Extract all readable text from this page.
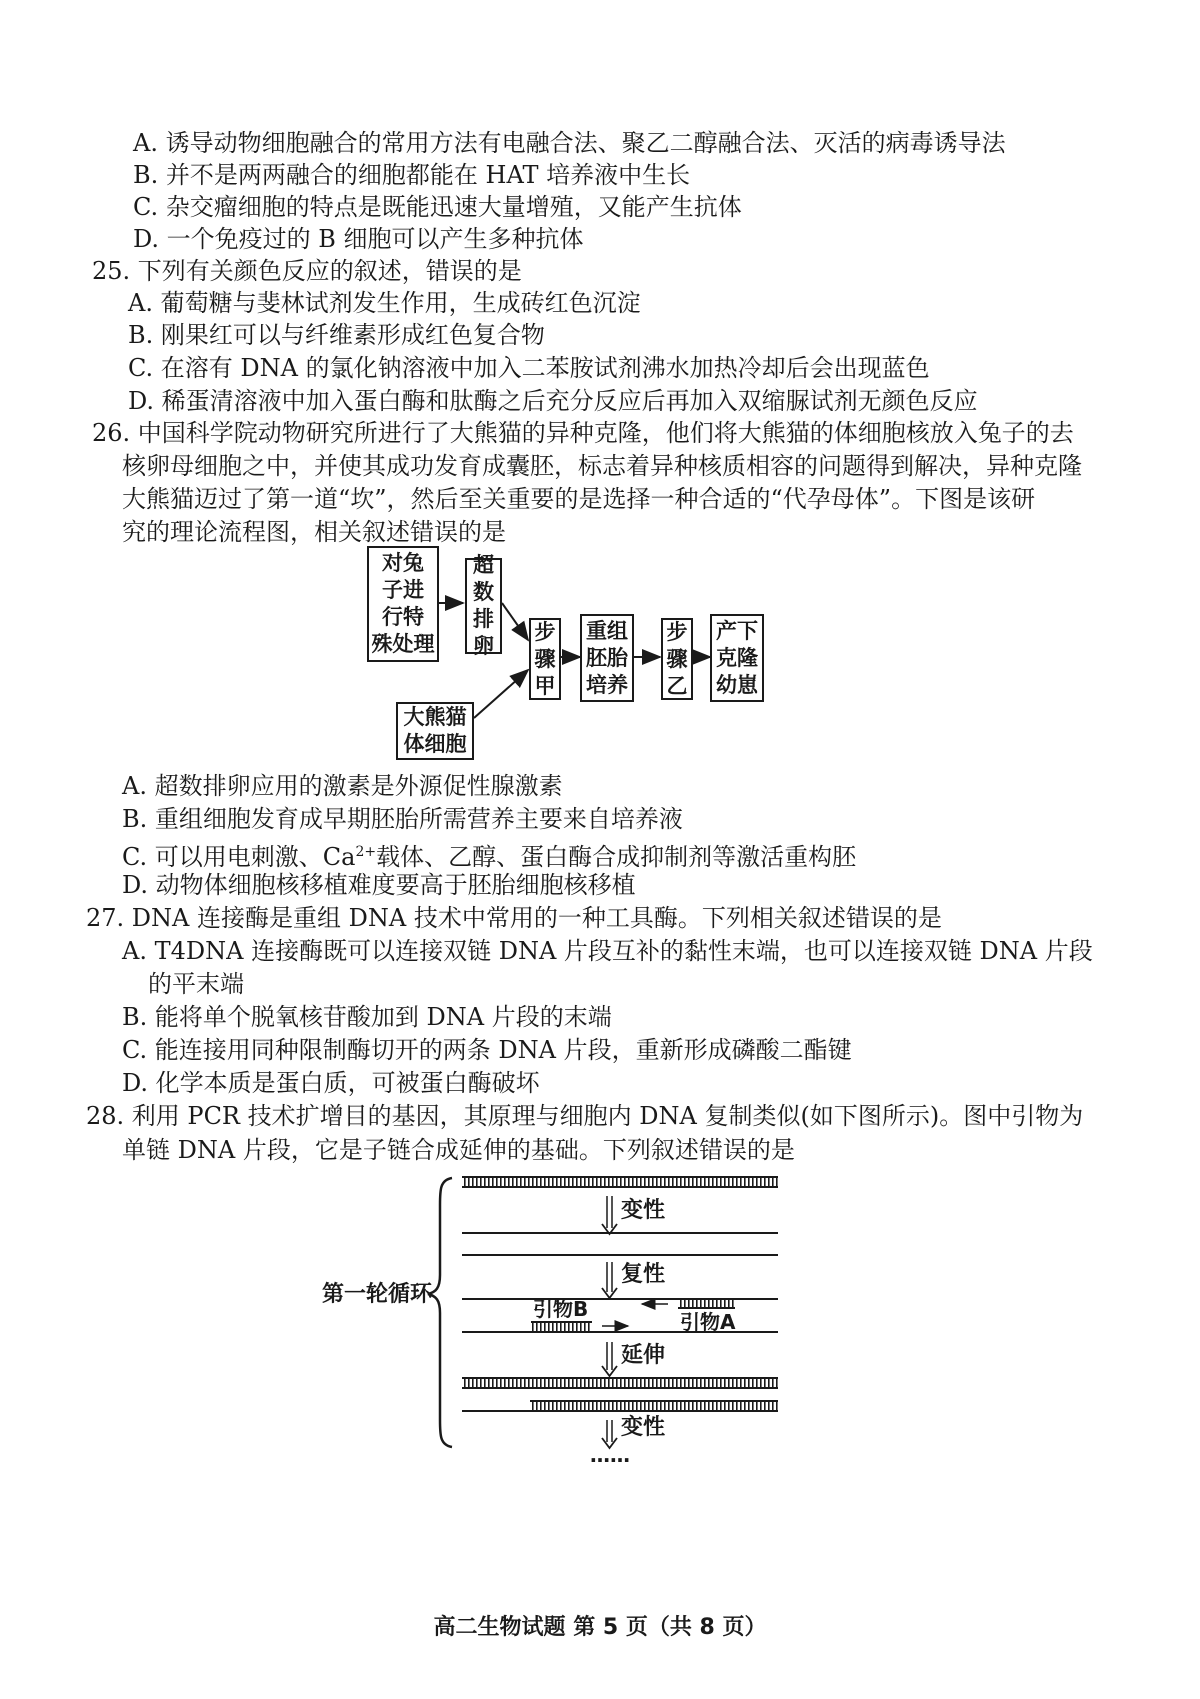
A. 诱导动物细胞融合的常用方法有电融合法、聚乙二醇融合法、灭活的病毒诱导法
B. 并不是两两融合的细胞都能在 HAT 培养液中生长
C. 杂交瘤细胞的特点是既能迅速大量增殖，又能产生抗体
D. 一个免疫过的 B 细胞可以产生多种抗体
25. 下列有关颜色反应的叙述，错误的是
A. 葡萄糖与斐林试剂发生作用，生成砖红色沉淀
B. 刚果红可以与纤维素形成红色复合物
C. 在溶有 DNA 的氯化钠溶液中加入二苯胺试剂沸水加热冷却后会出现蓝色
D. 稀蛋清溶液中加入蛋白酶和肽酶之后充分反应后再加入双缩脲试剂无颜色反应
26. 中国科学院动物研究所进行了大熊猫的异种克隆，他们将大熊猫的体细胞核放入兔子的去
核卵母细胞之中，并使其成功发育成囊胚，标志着异种核质相容的问题得到解决，异种克隆
大熊猫迈过了第一道“坎”，然后至关重要的是选择一种合适的“代孕母体”。下图是该研
究的理论流程图，相关叙述错误的是
对兔
子进
行特
殊处理
超
数
排
卵
大熊猫
体细胞
步
骤
甲
重组
胚胎
培养
步
骤
乙
产下
克隆
幼崽
A. 超数排卵应用的激素是外源促性腺激素
B. 重组细胞发育成早期胚胎所需营养主要来自培养液
C. 可以用电刺激、$Ca^{2+}$载体、乙醇、蛋白酶合成抑制剂等激活重构胚
D. 动物体细胞核移植难度要高于胚胎细胞核移植
27. DNA 连接酶是重组 DNA 技术中常用的一种工具酶。下列相关叙述错误的是
A. T4DNA 连接酶既可以连接双链 DNA 片段互补的黏性末端，也可以连接双链 DNA 片段
的平末端
B. 能将单个脱氧核苷酸加到 DNA 片段的末端
C. 能连接用同种限制酶切开的两条 DNA 片段，重新形成磷酸二酯键
D. 化学本质是蛋白质，可被蛋白酶破坏
28. 利用 PCR 技术扩增目的基因，其原理与细胞内 DNA 复制类似(如下图所示)。图中引物为
单链 DNA 片段，它是子链合成延伸的基础。下列叙述错误的是
第一轮循环
变性
复性
延伸
变性
引物B
引物A
……
高二生物试题 第 5 页（共 8 页）
